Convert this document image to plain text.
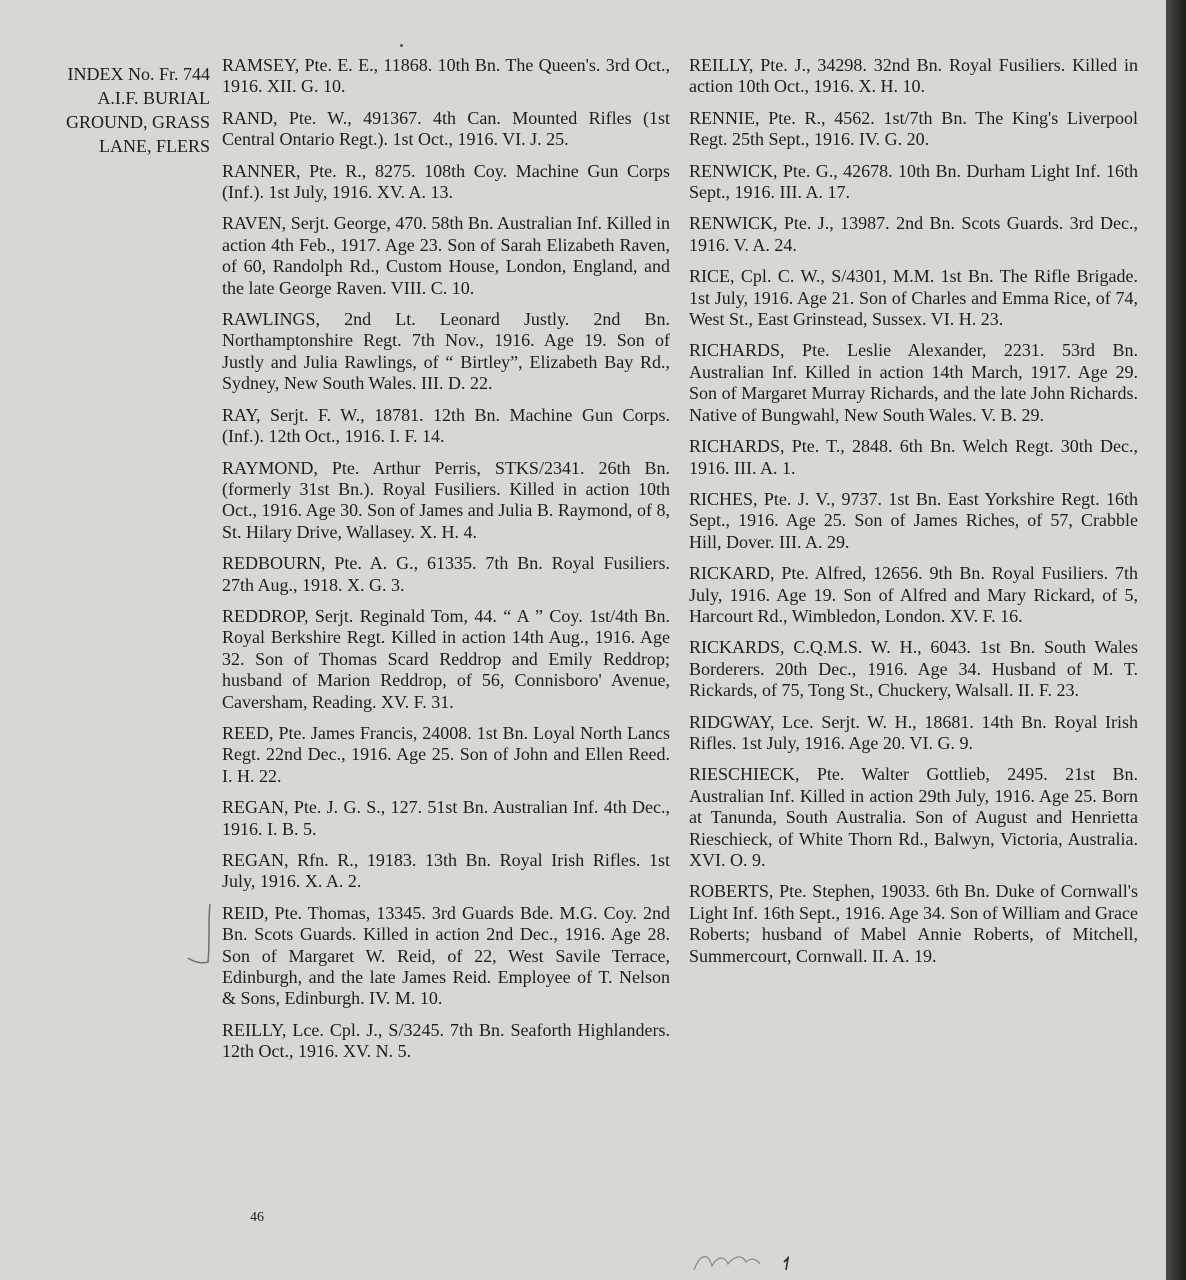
INDEX No. Fr. 744
A.I.F. BURIAL
GROUND, GRASS
LANE, FLERS

RAMSEY, Pte. E. E., 11868. 10th Bn. The Queen's. 3rd Oct., 1916. XII. G. 10.

RAND, Pte. W., 491367. 4th Can. Mounted Rifles (1st Central Ontario Regt.). 1st Oct., 1916. VI. J. 25.

RANNER, Pte. R., 8275. 108th Coy. Machine Gun Corps (Inf.). 1st July, 1916. XV. A. 13.

RAVEN, Serjt. George, 470. 58th Bn. Australian Inf. Killed in action 4th Feb., 1917. Age 23. Son of Sarah Elizabeth Raven, of 60, Randolph Rd., Custom House, London, England, and the late George Raven. VIII. C. 10.

RAWLINGS, 2nd Lt. Leonard Justly. 2nd Bn. Northamptonshire Regt. 7th Nov., 1916. Age 19. Son of Justly and Julia Rawlings, of “ Birtley”, Elizabeth Bay Rd., Sydney, New South Wales. III. D. 22.

RAY, Serjt. F. W., 18781. 12th Bn. Machine Gun Corps. (Inf.). 12th Oct., 1916. I. F. 14.

RAYMOND, Pte. Arthur Perris, STKS/2341. 26th Bn. (formerly 31st Bn.). Royal Fusiliers. Killed in action 10th Oct., 1916. Age 30. Son of James and Julia B. Raymond, of 8, St. Hilary Drive, Wallasey. X. H. 4.

REDBOURN, Pte. A. G., 61335. 7th Bn. Royal Fusiliers. 27th Aug., 1918. X. G. 3.

REDDROP, Serjt. Reginald Tom, 44. “ A ” Coy. 1st/4th Bn. Royal Berkshire Regt. Killed in action 14th Aug., 1916. Age 32. Son of Thomas Scard Reddrop and Emily Reddrop; husband of Marion Reddrop, of 56, Connisboro' Avenue, Caversham, Reading. XV. F. 31.

REED, Pte. James Francis, 24008. 1st Bn. Loyal North Lancs Regt. 22nd Dec., 1916. Age 25. Son of John and Ellen Reed. I. H. 22.

REGAN, Pte. J. G. S., 127. 51st Bn. Australian Inf. 4th Dec., 1916. I. B. 5.

REGAN, Rfn. R., 19183. 13th Bn. Royal Irish Rifles. 1st July, 1916. X. A. 2.

REID, Pte. Thomas, 13345. 3rd Guards Bde. M.G. Coy. 2nd Bn. Scots Guards. Killed in action 2nd Dec., 1916. Age 28. Son of Margaret W. Reid, of 22, West Savile Terrace, Edinburgh, and the late James Reid. Employee of T. Nelson & Sons, Edinburgh. IV. M. 10.

REILLY, Lce. Cpl. J., S/3245. 7th Bn. Seaforth Highlanders. 12th Oct., 1916. XV. N. 5.

REILLY, Pte. J., 34298. 32nd Bn. Royal Fusiliers. Killed in action 10th Oct., 1916. X. H. 10.

RENNIE, Pte. R., 4562. 1st/7th Bn. The King's Liverpool Regt. 25th Sept., 1916. IV. G. 20.

RENWICK, Pte. G., 42678. 10th Bn. Durham Light Inf. 16th Sept., 1916. III. A. 17.

RENWICK, Pte. J., 13987. 2nd Bn. Scots Guards. 3rd Dec., 1916. V. A. 24.

RICE, Cpl. C. W., S/4301, M.M. 1st Bn. The Rifle Brigade. 1st July, 1916. Age 21. Son of Charles and Emma Rice, of 74, West St., East Grinstead, Sussex. VI. H. 23.

RICHARDS, Pte. Leslie Alexander, 2231. 53rd Bn. Australian Inf. Killed in action 14th March, 1917. Age 29. Son of Margaret Murray Richards, and the late John Richards. Native of Bungwahl, New South Wales. V. B. 29.

RICHARDS, Pte. T., 2848. 6th Bn. Welch Regt. 30th Dec., 1916. III. A. 1.

RICHES, Pte. J. V., 9737. 1st Bn. East Yorkshire Regt. 16th Sept., 1916. Age 25. Son of James Riches, of 57, Crabble Hill, Dover. III. A. 29.

RICKARD, Pte. Alfred, 12656. 9th Bn. Royal Fusiliers. 7th July, 1916. Age 19. Son of Alfred and Mary Rickard, of 5, Harcourt Rd., Wimbledon, London. XV. F. 16.

RICKARDS, C.Q.M.S. W. H., 6043. 1st Bn. South Wales Borderers. 20th Dec., 1916. Age 34. Husband of M. T. Rickards, of 75, Tong St., Chuckery, Walsall. II. F. 23.

RIDGWAY, Lce. Serjt. W. H., 18681. 14th Bn. Royal Irish Rifles. 1st July, 1916. Age 20. VI. G. 9.

RIESCHIECK, Pte. Walter Gottlieb, 2495. 21st Bn. Australian Inf. Killed in action 29th July, 1916. Age 25. Born at Tanunda, South Australia. Son of August and Henrietta Rieschieck, of White Thorn Rd., Balwyn, Victoria, Australia. XVI. O. 9.

ROBERTS, Pte. Stephen, 19033. 6th Bn. Duke of Cornwall's Light Inf. 16th Sept., 1916. Age 34. Son of William and Grace Roberts; husband of Mabel Annie Roberts, of Mitchell, Summercourt, Cornwall. II. A. 19.

46
